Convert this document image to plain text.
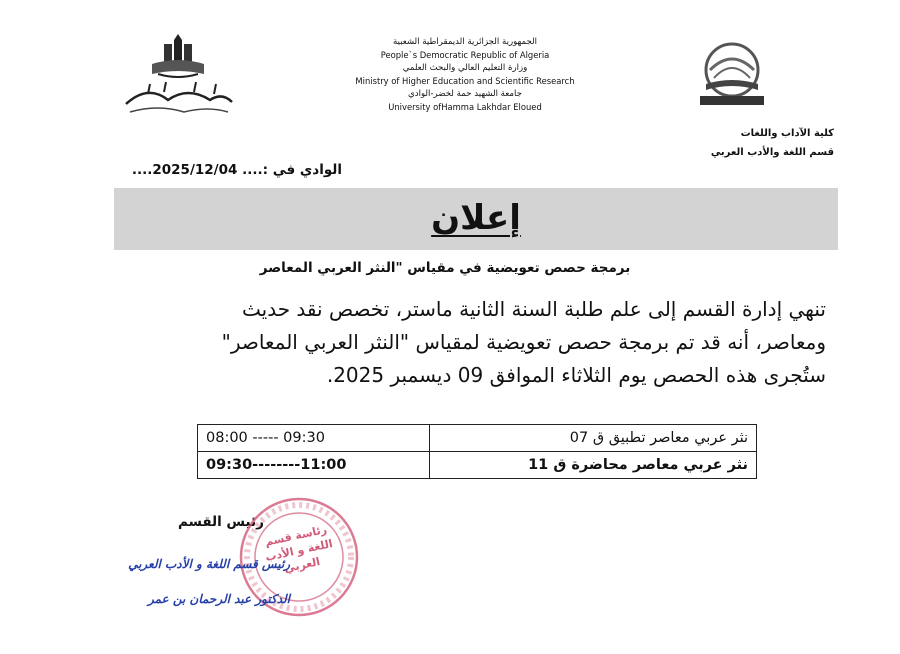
الجمهورية الجزائرية الديمقراطية الشعبية
People`s Democratic Republic of Algeria
وزارة التعليم العالي والبحث العلمي
Ministry of Higher Education and Scientific Research
جامعة الشهيد حمة لخضر-الوادي
University ofHamma Lakhdar Eloued
كلية الآداب واللغات
قسم اللغة والأدب العربي
الوادي في :.... 2025/12/04....
إعلان
برمجة حصص تعويضية في مقياس "النثر العربي المعاصر
تنهي إدارة القسم إلى علم طلبة السنة الثانية ماستر، تخصص نقد حديث
ومعاصر، أنه قد تم برمجة حصص تعويضية لمقياس "النثر العربي المعاصر"
ستُجرى هذه الحصص يوم الثلاثاء الموافق 09 ديسمبر 2025.
08:00 ----- 09:30	نثر عربي معاصر تطبيق ق 07
09:30--------11:00	نثر عربي معاصر محاضرة ق 11
رئيس القسم
رئاسة قسم اللغة و الأدب العربي
رئيس قسم اللغة و الأدب العربي
الدكتور عبد الرحمان بن عمر
